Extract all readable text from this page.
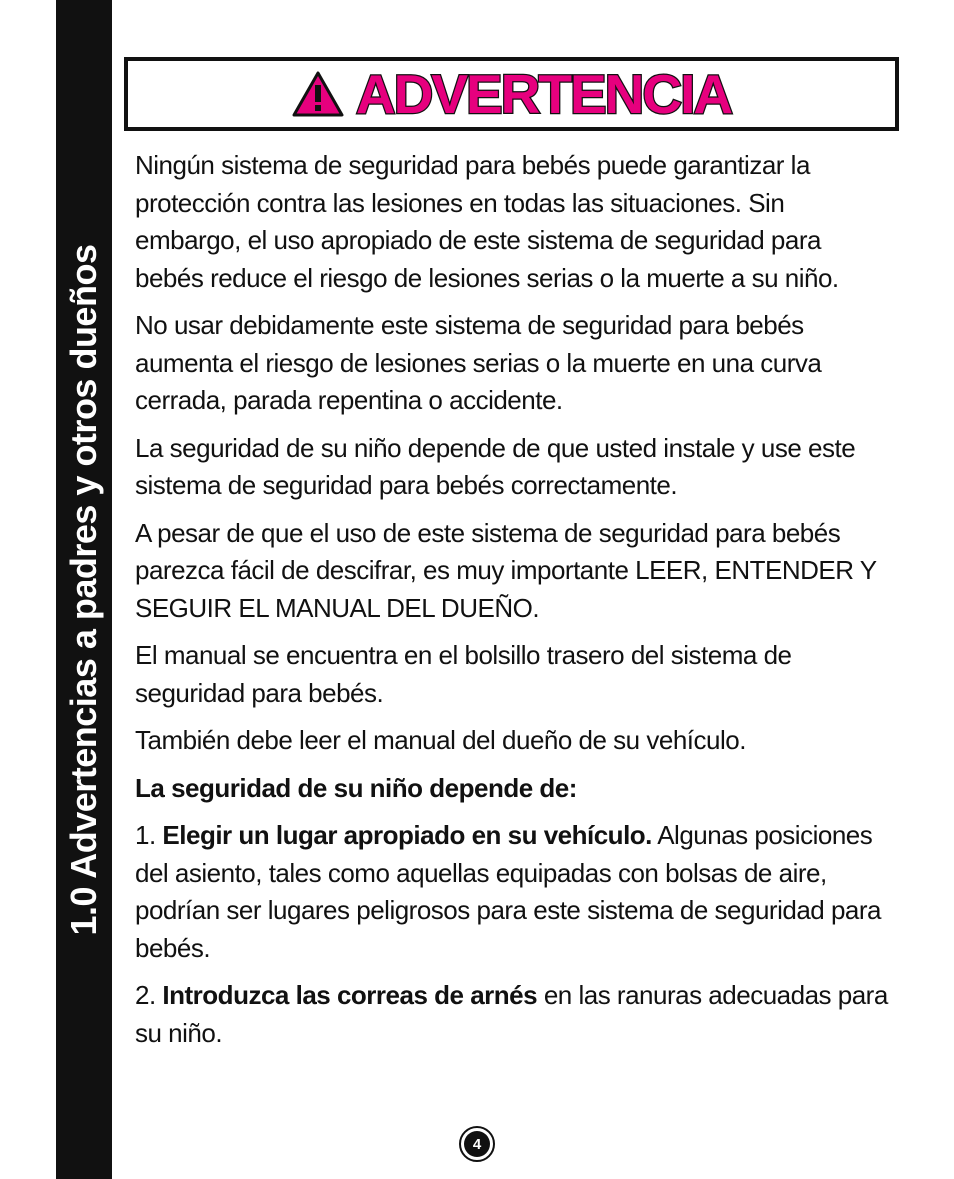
1.0 Advertencias a padres y otros dueños
ADVERTENCIA

Ningún sistema de seguridad para bebés puede garantizar la protección contra las lesiones en todas las situaciones. Sin embargo, el uso apropiado de este sistema de seguridad para bebés reduce el riesgo de lesiones serias o la muerte a su niño.

No usar debidamente este sistema de seguridad para bebés aumenta el riesgo de lesiones serias o la muerte en una curva cerrada, parada repentina o accidente.

La seguridad de su niño depende de que usted instale y use este sistema de seguridad para bebés correctamente.

A pesar de que el uso de este sistema de seguridad para bebés parezca fácil de descifrar, es muy importante LEER, ENTENDER Y SEGUIR EL MANUAL DEL DUEÑO.

El manual se encuentra en el bolsillo trasero del sistema de seguridad para bebés.

También debe leer el manual del dueño de su vehículo.

La seguridad de su niño depende de:

1. Elegir un lugar apropiado en su vehículo. Algunas posiciones del asiento, tales como aquellas equipadas con bolsas de aire, podrían ser lugares peligrosos para este sistema de seguridad para bebés.

2. Introduzca las correas de arnés en las ranuras adecuadas para su niño.

4
